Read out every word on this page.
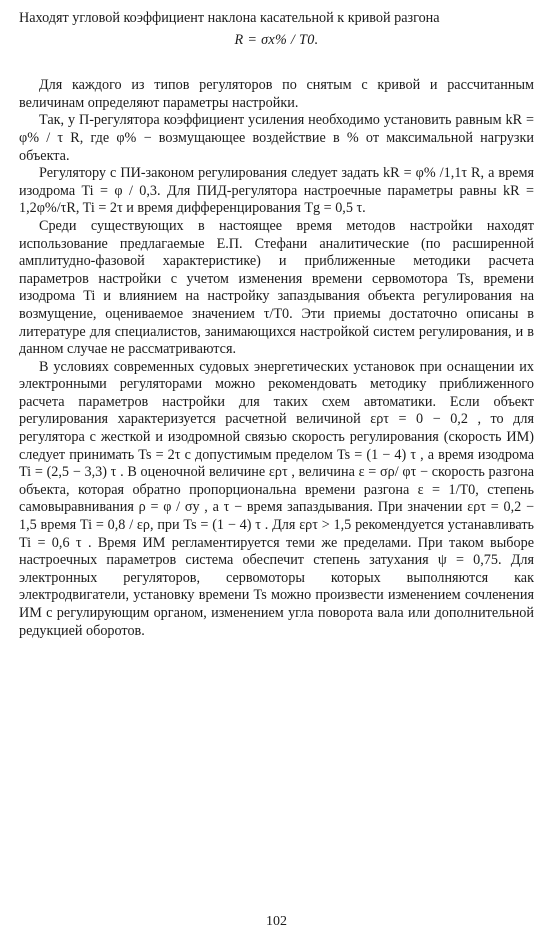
Находят угловой коэффициент наклона касательной к кривой разгона

R = σx% / T0.

Для каждого из типов регуляторов по снятым с кривой и рассчитанным величинам определяют параметры настройки.

Так, у П-регулятора коэффициент усиления необходимо установить равным kR = φ% / τ R, где φ% − возмущающее воздействие в % от максимальной нагрузки объекта.

Регулятору с ПИ-законом регулирования следует задать kR = φ% /1,1τ R, а время изодрома Ti = φ / 0,3. Для ПИД-регулятора настроечные параметры равны kR = 1,2φ%/τR, Ti = 2τ и время дифференцирования Tg = 0,5 τ.

Среди существующих в настоящее время методов настройки находят использование предлагаемые Е.П. Стефани аналитические (по расширенной амплитудно-фазовой характеристике) и приближенные методики расчета параметров настройки с учетом изменения времени сервомотора Ts, времени изодрома Ti и влиянием на настройку запаздывания объекта регулирования на возмущение, оцениваемое значением τ/T0. Эти приемы достаточно описаны в литературе для специалистов, занимающихся настройкой систем регулирования, и в данном случае не рассматриваются.

В условиях современных судовых энергетических установок при оснащении их электронными регуляторами можно рекомендовать методику приближенного расчета параметров настройки для таких схем автоматики. Если объект регулирования характеризуется расчетной величиной ερτ = 0 − 0,2 , то для регулятора с жесткой и изодромной связью скорость регулирования (скорость ИМ) следует принимать Ts = 2τ с допустимым пределом Ts = (1 − 4) τ , а время изодрома Ti = (2,5 − 3,3) τ . В оценочной величине ερτ , величина ε = σρ/ φτ − скорость разгона объекта, которая обратно пропорциональна времени разгона ε = 1/T0, степень самовыравнивания ρ = φ / σy , а τ − время запаздывания. При значении ερτ = 0,2 − 1,5 время Ti = 0,8 / ερ, при Ts = (1 − 4) τ . Для ερτ > 1,5 рекомендуется устанавливать Ti = 0,6 τ . Время ИМ регламентируется теми же пределами. При таком выборе настроечных параметров система обеспечит степень затухания ψ = 0,75. Для электронных регуляторов, сервомоторы которых выполняются как электродвигатели, установку времени Ts можно произвести изменением сочленения ИМ с регулирующим органом, изменением угла поворота вала или дополнительной редукцией оборотов.

102
